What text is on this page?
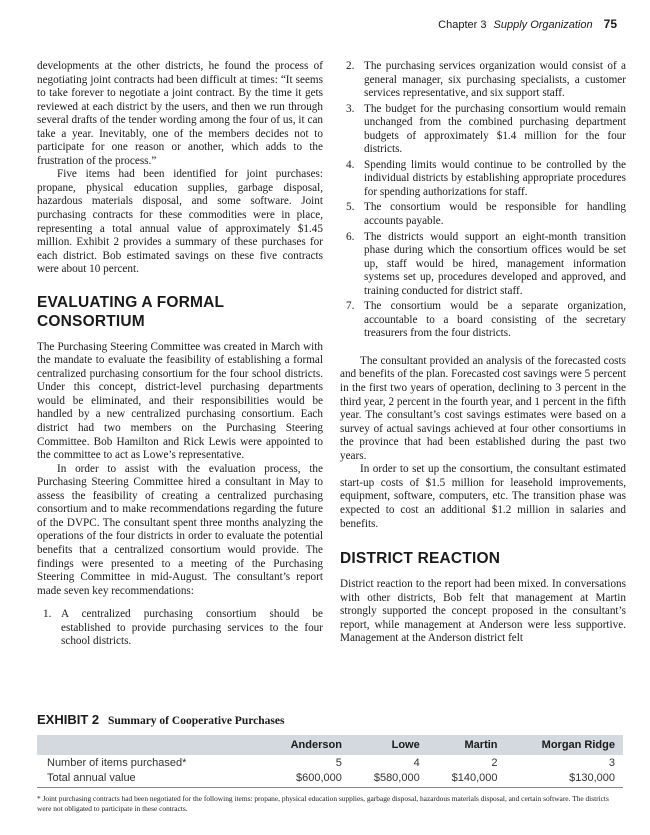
Chapter 3 Supply Organization 75

developments at the other districts, he found the process of negotiating joint contracts had been difficult at times: “It seems to take forever to negotiate a joint contract. By the time it gets reviewed at each district by the users, and then we run through several drafts of the tender wording among the four of us, it can take a year. Inevitably, one of the members decides not to participate for one reason or another, which adds to the frustration of the process.”

Five items had been identified for joint purchases: propane, physical education supplies, garbage disposal, hazardous materials disposal, and some software. Joint purchasing contracts for these commodities were in place, representing a total annual value of approximately $1.45 million. Exhibit 2 provides a summary of these purchases for each district. Bob estimated savings on these five contracts were about 10 percent.

EVALUATING A FORMAL CONSORTIUM

The Purchasing Steering Committee was created in March with the mandate to evaluate the feasibility of establishing a formal centralized purchasing consortium for the four school districts. Under this concept, district-level purchasing departments would be eliminated, and their responsibilities would be handled by a new centralized purchasing consortium. Each district had two members on the Purchasing Steering Committee. Bob Hamilton and Rick Lewis were appointed to the committee to act as Lowe’s representative.

In order to assist with the evaluation process, the Purchasing Steering Committee hired a consultant in May to assess the feasibility of creating a centralized purchasing consortium and to make recommendations regarding the future of the DVPC. The consultant spent three months analyzing the operations of the four districts in order to evaluate the potential benefits that a centralized consortium would provide. The findings were presented to a meeting of the Purchasing Steering Committee in mid-August. The consultant’s report made seven key recommendations:

1. A centralized purchasing consortium should be established to provide purchasing services to the four school districts.
2. The purchasing services organization would consist of a general manager, six purchasing specialists, a customer services representative, and six support staff.
3. The budget for the purchasing consortium would remain unchanged from the combined purchasing department budgets of approximately $1.4 million for the four districts.
4. Spending limits would continue to be controlled by the individual districts by establishing appropriate procedures for spending authorizations for staff.
5. The consortium would be responsible for handling accounts payable.
6. The districts would support an eight-month transition phase during which the consortium offices would be set up, staff would be hired, management information systems set up, procedures developed and approved, and training conducted for district staff.
7. The consortium would be a separate organization, accountable to a board consisting of the secretary treasurers from the four districts.

The consultant provided an analysis of the forecasted costs and benefits of the plan. Forecasted cost savings were 5 percent in the first two years of operation, declining to 3 percent in the third year, 2 percent in the fourth year, and 1 percent in the fifth year. The consultant’s cost savings estimates were based on a survey of actual savings achieved at four other consortiums in the province that had been established during the past two years.

In order to set up the consortium, the consultant estimated start-up costs of $1.5 million for leasehold improvements, equipment, software, computers, etc. The transition phase was expected to cost an additional $1.2 million in salaries and benefits.

DISTRICT REACTION

District reaction to the report had been mixed. In conversations with other districts, Bob felt that management at Martin strongly supported the concept proposed in the consultant’s report, while management at Anderson were less supportive. Management at the Anderson district felt

EXHIBIT 2 Summary of Cooperative Purchases
	Anderson	Lowe	Martin	Morgan Ridge
Number of items purchased*	5	4	2	3
Total annual value	$600,000	$580,000	$140,000	$130,000
* Joint purchasing contracts had been negotiated for the following items: propane, physical education supplies, garbage disposal, hazardous materials disposal, and certain software. The districts were not obligated to participate in these contracts.
